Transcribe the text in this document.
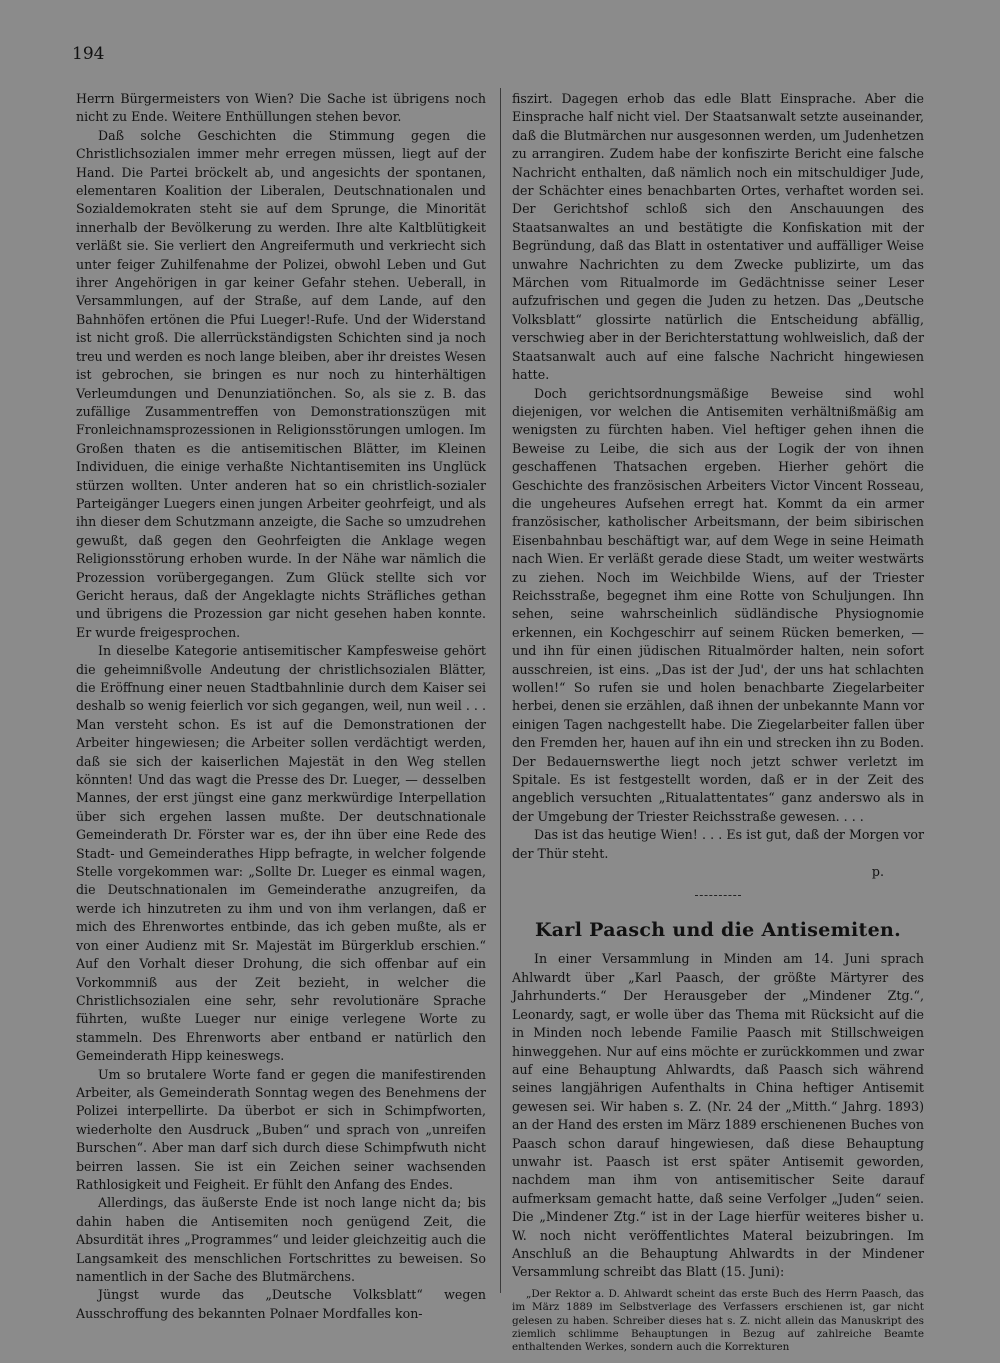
194

Herrn Bürgermeisters von Wien? Die Sache ist übrigens noch nicht zu Ende. Weitere Enthüllungen stehen bevor.

Daß solche Geschichten die Stimmung gegen die Christlichsozialen immer mehr erregen müssen, liegt auf der Hand. Die Partei bröckelt ab, und angesichts der spontanen, elementaren Koalition der Liberalen, Deutschnationalen und Sozialdemokraten steht sie auf dem Sprunge, die Minorität innerhalb der Bevölkerung zu werden. Ihre alte Kaltblütigkeit verläßt sie. Sie verliert den Angreifermuth und verkriecht sich unter feiger Zuhilfenahme der Polizei, obwohl Leben und Gut ihrer Angehörigen in gar keiner Gefahr stehen. Ueberall, in Versammlungen, auf der Straße, auf dem Lande, auf den Bahnhöfen ertönen die Pfui Lueger!-Rufe. Und der Widerstand ist nicht groß. Die allerrückständigsten Schichten sind ja noch treu und werden es noch lange bleiben, aber ihr dreistes Wesen ist gebrochen, sie bringen es nur noch zu hinterhältigen Verleumdungen und Denunziatiönchen. So, als sie z. B. das zufällige Zusammentreffen von Demonstrationszügen mit Fronleichnamsprozessionen in Religionsstörungen umlogen. Im Großen thaten es die antisemitischen Blätter, im Kleinen Individuen, die einige verhaßte Nichtantisemiten ins Unglück stürzen wollten. Unter anderen hat so ein christlich-sozialer Parteigänger Luegers einen jungen Arbeiter geohrfeigt, und als ihn dieser dem Schutzmann anzeigte, die Sache so umzudrehen gewußt, daß gegen den Geohrfeigten die Anklage wegen Religionsstörung erhoben wurde. In der Nähe war nämlich die Prozession vorübergegangen. Zum Glück stellte sich vor Gericht heraus, daß der Angeklagte nichts Sträfliches gethan und übrigens die Prozession gar nicht gesehen haben konnte. Er wurde freigesprochen.

In dieselbe Kategorie antisemitischer Kampfesweise gehört die geheimnißvolle Andeutung der christlichsozialen Blätter, die Eröffnung einer neuen Stadtbahnlinie durch dem Kaiser sei deshalb so wenig feierlich vor sich gegangen, weil, nun weil . . . Man versteht schon. Es ist auf die Demonstrationen der Arbeiter hingewiesen; die Arbeiter sollen verdächtigt werden, daß sie sich der kaiserlichen Majestät in den Weg stellen könnten! Und das wagt die Presse des Dr. Lueger, — desselben Mannes, der erst jüngst eine ganz merkwürdige Interpellation über sich ergehen lassen mußte. Der deutschnationale Gemeinderath Dr. Förster war es, der ihn über eine Rede des Stadt- und Gemeinderathes Hipp befragte, in welcher folgende Stelle vorgekommen war: „Sollte Dr. Lueger es einmal wagen, die Deutschnationalen im Gemeinderathe anzugreifen, da werde ich hinzutreten zu ihm und von ihm verlangen, daß er mich des Ehrenwortes entbinde, das ich geben mußte, als er von einer Audienz mit Sr. Majestät im Bürgerklub erschien.“ Auf den Vorhalt dieser Drohung, die sich offenbar auf ein Vorkommniß aus der Zeit bezieht, in welcher die Christlichsozialen eine sehr, sehr revolutionäre Sprache führten, wußte Lueger nur einige verlegene Worte zu stammeln. Des Ehrenworts aber entband er natürlich den Gemeinderath Hipp keineswegs.

Um so brutalere Worte fand er gegen die manifestirenden Arbeiter, als Gemeinderath Sonntag wegen des Benehmens der Polizei interpellirte. Da überbot er sich in Schimpfworten, wiederholte den Ausdruck „Buben“ und sprach von „unreifen Burschen“. Aber man darf sich durch diese Schimpfwuth nicht beirren lassen. Sie ist ein Zeichen seiner wachsenden Rathlosigkeit und Feigheit. Er fühlt den Anfang des Endes.

Allerdings, das äußerste Ende ist noch lange nicht da; bis dahin haben die Antisemiten noch genügend Zeit, die Absurdität ihres „Programmes“ und leider gleichzeitig auch die Langsamkeit des menschlichen Fortschrittes zu beweisen. So namentlich in der Sache des Blutmärchens.

Jüngst wurde das „Deutsche Volksblatt“ wegen Ausschroffung des bekannten Polnaer Mordfalles kon-

fiszirt. Dagegen erhob das edle Blatt Einsprache. Aber die Einsprache half nicht viel. Der Staatsanwalt setzte auseinander, daß die Blutmärchen nur ausgesonnen werden, um Judenhetzen zu arrangiren. Zudem habe der konfiszirte Bericht eine falsche Nachricht enthalten, daß nämlich noch ein mitschuldiger Jude, der Schächter eines benachbarten Ortes, verhaftet worden sei. Der Gerichtshof schloß sich den Anschauungen des Staatsanwaltes an und bestätigte die Konfiskation mit der Begründung, daß das Blatt in ostentativer und auffälliger Weise unwahre Nachrichten zu dem Zwecke publizirte, um das Märchen vom Ritualmorde im Gedächtnisse seiner Leser aufzufrischen und gegen die Juden zu hetzen. Das „Deutsche Volksblatt“ glossirte natürlich die Entscheidung abfällig, verschwieg aber in der Berichterstattung wohlweislich, daß der Staatsanwalt auch auf eine falsche Nachricht hingewiesen hatte.

Doch gerichtsordnungsmäßige Beweise sind wohl diejenigen, vor welchen die Antisemiten verhältnißmäßig am wenigsten zu fürchten haben. Viel heftiger gehen ihnen die Beweise zu Leibe, die sich aus der Logik der von ihnen geschaffenen Thatsachen ergeben. Hierher gehört die Geschichte des französischen Arbeiters Victor Vincent Rosseau, die ungeheures Aufsehen erregt hat. Kommt da ein armer französischer, katholischer Arbeitsmann, der beim sibirischen Eisenbahnbau beschäftigt war, auf dem Wege in seine Heimath nach Wien. Er verläßt gerade diese Stadt, um weiter westwärts zu ziehen. Noch im Weichbilde Wiens, auf der Triester Reichsstraße, begegnet ihm eine Rotte von Schuljungen. Ihn sehen, seine wahrscheinlich südländische Physiognomie erkennen, ein Kochgeschirr auf seinem Rücken bemerken, — und ihn für einen jüdischen Ritualmörder halten, nein sofort ausschreien, ist eins. „Das ist der Jud', der uns hat schlachten wollen!“ So rufen sie und holen benachbarte Ziegelarbeiter herbei, denen sie erzählen, daß ihnen der unbekannte Mann vor einigen Tagen nachgestellt habe. Die Ziegelarbeiter fallen über den Fremden her, hauen auf ihn ein und strecken ihn zu Boden. Der Bedauernswerthe liegt noch jetzt schwer verletzt im Spitale. Es ist festgestellt worden, daß er in der Zeit des angeblich versuchten „Ritualattentates“ ganz anderswo als in der Umgebung der Triester Reichsstraße gewesen. . . .

Das ist das heutige Wien! . . . Es ist gut, daß der Morgen vor der Thür steht.

p.

Karl Paasch und die Antisemiten.

In einer Versammlung in Minden am 14. Juni sprach Ahlwardt über „Karl Paasch, der größte Märtyrer des Jahrhunderts.“ Der Herausgeber der „Mindener Ztg.“, Leonardy, sagt, er wolle über das Thema mit Rücksicht auf die in Minden noch lebende Familie Paasch mit Stillschweigen hinweggehen. Nur auf eins möchte er zurückkommen und zwar auf eine Behauptung Ahlwardts, daß Paasch sich während seines langjährigen Aufenthalts in China heftiger Antisemit gewesen sei. Wir haben s. Z. (Nr. 24 der „Mitth.“ Jahrg. 1893) an der Hand des ersten im März 1889 erschienenen Buches von Paasch schon darauf hingewiesen, daß diese Behauptung unwahr ist. Paasch ist erst später Antisemit geworden, nachdem man ihm von antisemitischer Seite darauf aufmerksam gemacht hatte, daß seine Verfolger „Juden“ seien. Die „Mindener Ztg.“ ist in der Lage hierfür weiteres bisher u. W. noch nicht veröffentlichtes Materal beizubringen. Im Anschluß an die Behauptung Ahlwardts in der Mindener Versammlung schreibt das Blatt (15. Juni):

„Der Rektor a. D. Ahlwardt scheint das erste Buch des Herrn Paasch, das im März 1889 im Selbstverlage des Verfassers erschienen ist, gar nicht gelesen zu haben. Schreiber dieses hat s. Z. nicht allein das Manuskript des ziemlich schlimme Behauptungen in Bezug auf zahlreiche Beamte enthaltenden Werkes, sondern auch die Korrekturen
